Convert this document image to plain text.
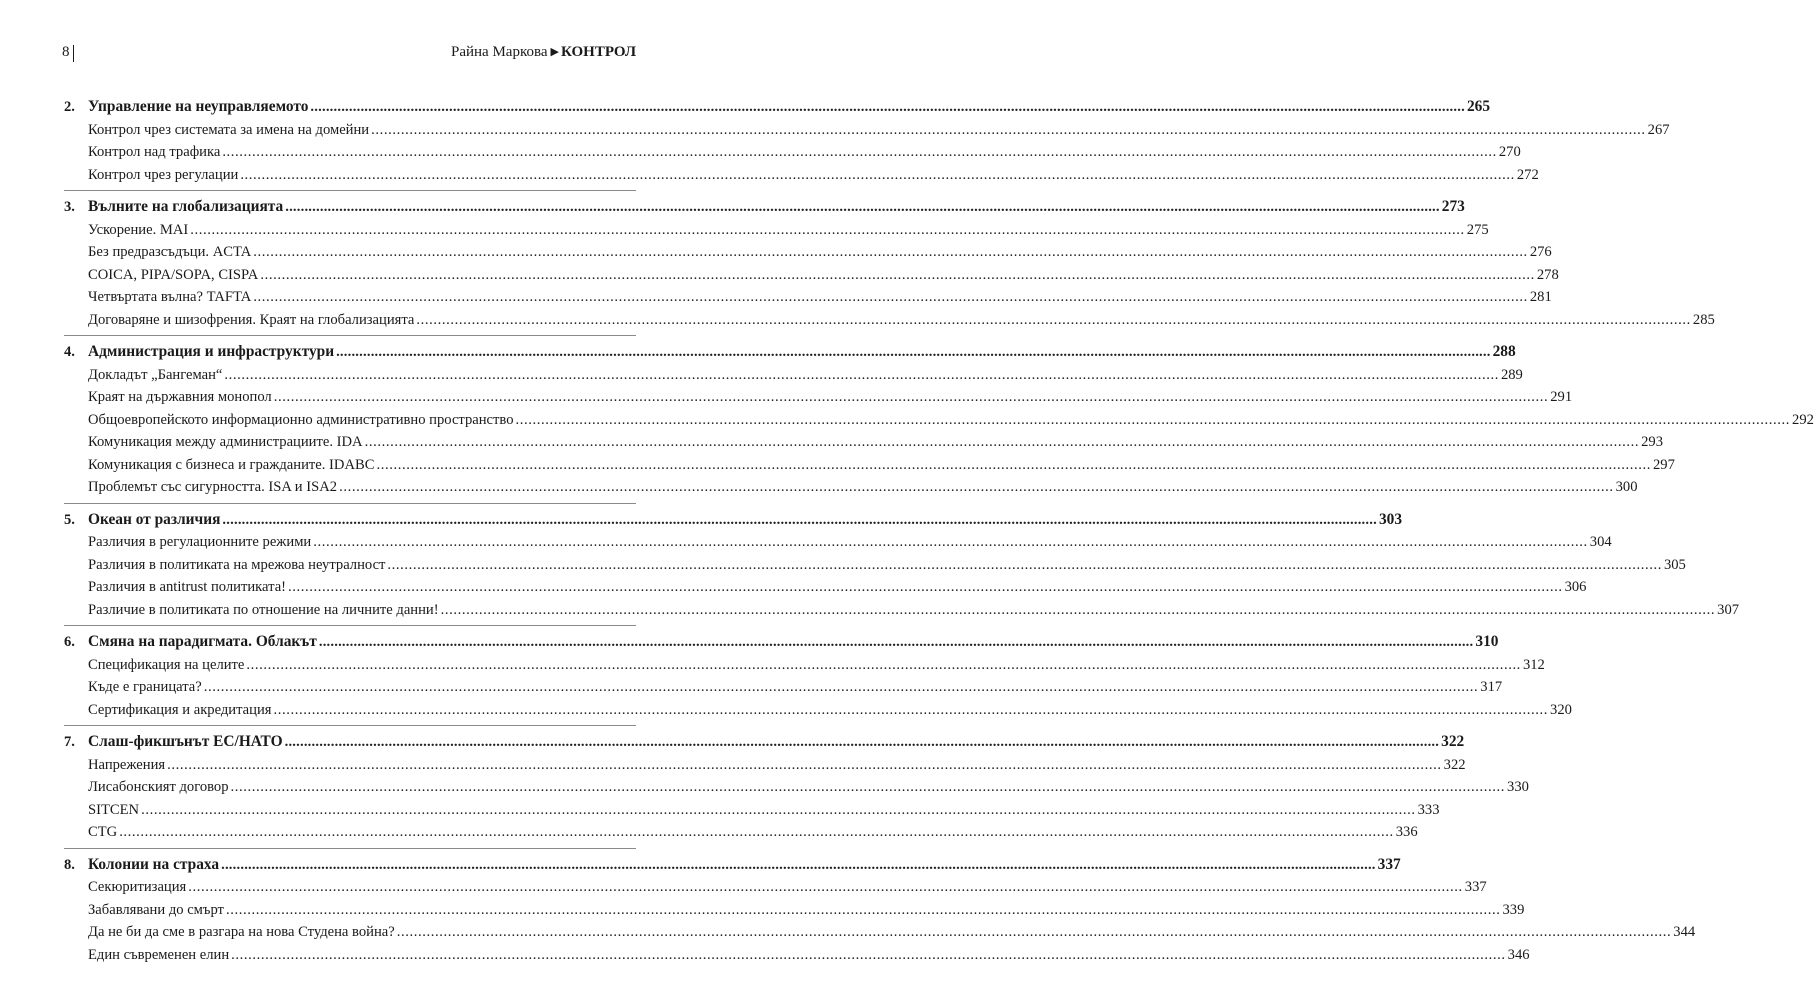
8	Райна Маркова ▶ КОНТРОЛ
2. Управление на неуправляемото ............................................................................................................................................................................................................................................................................................................ 265
Контрол чрез системата за имена на домейни ............................................................................................................................................................................................................................................................................................................ 267
Контрол над трафика ............................................................................................................................................................................................................................................................................................................ 270
Контрол чрез регулации ............................................................................................................................................................................................................................................................................................................ 272
3. Вълните на глобализацията ............................................................................................................................................................................................................................................................................................................ 273
Ускорение. MAI ............................................................................................................................................................................................................................................................................................................ 275
Без предразсъдъци. ACTA ............................................................................................................................................................................................................................................................................................................ 276
COICA, PIPA/SOPA, CISPA ............................................................................................................................................................................................................................................................................................................ 278
Четвъртата вълна? TAFTA ............................................................................................................................................................................................................................................................................................................ 281
Договаряне и шизофрения. Краят на глобализацията ............................................................................................................................................................................................................................................................................................................ 285
4. Администрация и инфраструктури ............................................................................................................................................................................................................................................................................................................ 288
Докладът „Бангеман“ ............................................................................................................................................................................................................................................................................................................ 289
Краят на държавния монопол ............................................................................................................................................................................................................................................................................................................ 291
Общоевропейското информационно административно пространство ............................................................................................................................................................................................................................................................................................................ 292
Комуникация между администрациите. IDA ............................................................................................................................................................................................................................................................................................................ 293
Комуникация с бизнеса и гражданите. IDABC ............................................................................................................................................................................................................................................................................................................ 297
Проблемът със сигурността. ISA и ISA2 ............................................................................................................................................................................................................................................................................................................ 300
5. Океан от различия ............................................................................................................................................................................................................................................................................................................ 303
Различия в регулационните режими ............................................................................................................................................................................................................................................................................................................ 304
Различия в политиката на мрежова неутралност ............................................................................................................................................................................................................................................................................................................ 305
Различия в antitrust политиката! ............................................................................................................................................................................................................................................................................................................ 306
Различие в политиката по отношение на личните данни! ............................................................................................................................................................................................................................................................................................................ 307
6. Смяна на парадигмата. Облакът ............................................................................................................................................................................................................................................................................................................ 310
Спецификация на целите ............................................................................................................................................................................................................................................................................................................ 312
Къде е границата? ............................................................................................................................................................................................................................................................................................................ 317
Сертификация и акредитация ............................................................................................................................................................................................................................................................................................................ 320
7. Слаш-фикшънът ЕС/НАТО ............................................................................................................................................................................................................................................................................................................ 322
Напрежения ............................................................................................................................................................................................................................................................................................................ 322
Лисабонският договор ............................................................................................................................................................................................................................................................................................................ 330
SITCEN ............................................................................................................................................................................................................................................................................................................ 333
CTG ............................................................................................................................................................................................................................................................................................................ 336
8. Колонии на страха ............................................................................................................................................................................................................................................................................................................ 337
Секюритизация ............................................................................................................................................................................................................................................................................................................ 337
Забавлявани до смърт ............................................................................................................................................................................................................................................................................................................ 339
Да не би да сме в разгара на нова Студена война? ............................................................................................................................................................................................................................................................................................................ 344
Един съвременен елин ............................................................................................................................................................................................................................................................................................................ 346
